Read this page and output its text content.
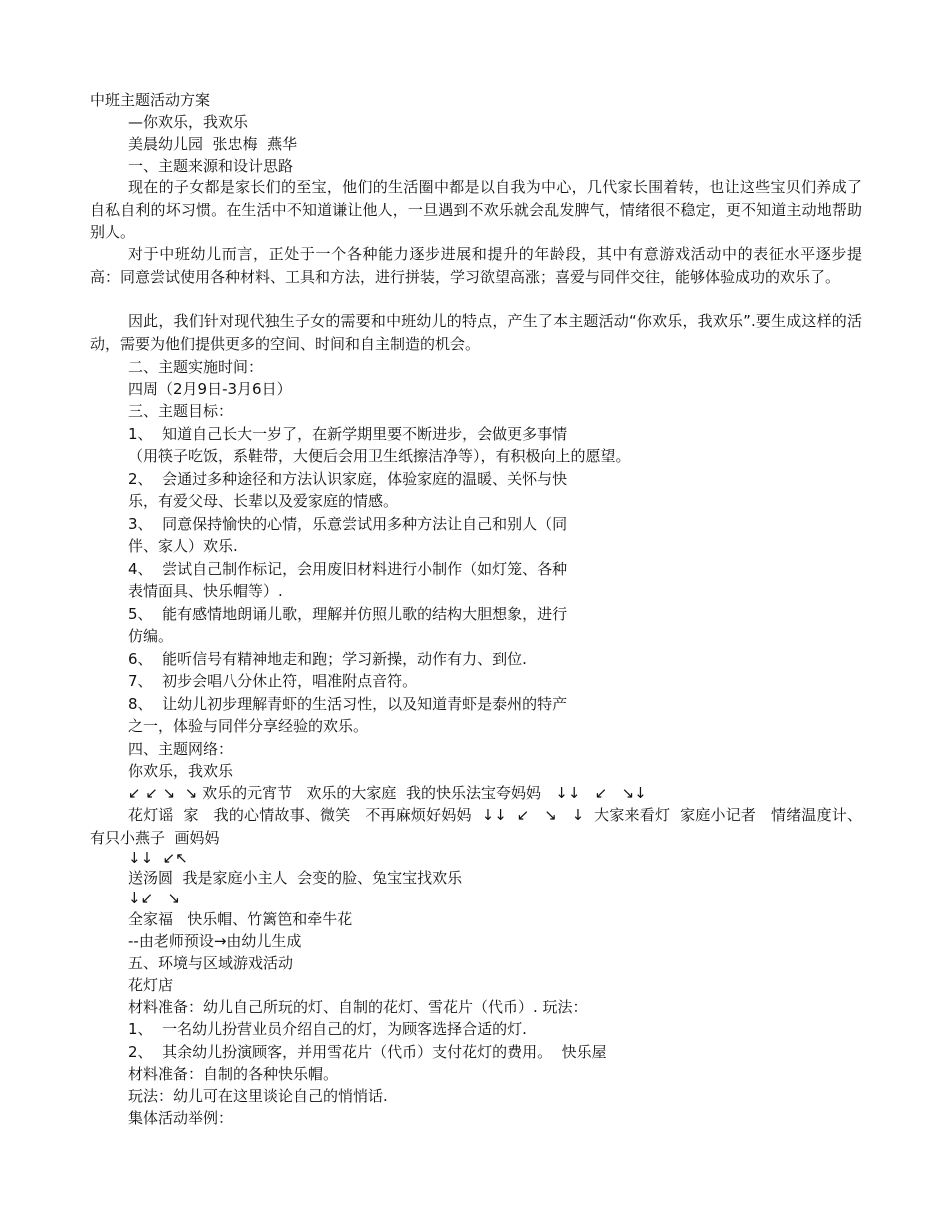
中班主题活动方案
—你欢乐，我欢乐
美晨幼儿园  张忠梅  燕华
一、主题来源和设计思路
现在的子女都是家长们的至宝，他们的生活圈中都是以自我为中心，几代家长围着转，也让这些宝贝们养成了自私自利的坏习惯。在生活中不知道谦让他人，一旦遇到不欢乐就会乱发脾气，情绪很不稳定，更不知道主动地帮助别人。
对于中班幼儿而言，正处于一个各种能力逐步进展和提升的年龄段，其中有意游戏活动中的表征水平逐步提高：同意尝试使用各种材料、工具和方法，进行拼装，学习欲望高涨；喜爱与同伴交往，能够体验成功的欢乐了。
因此，我们针对现代独生子女的需要和中班幼儿的特点，产生了本主题活动“你欢乐，我欢乐”.要生成这样的活动，需要为他们提供更多的空间、时间和自主制造的机会。
二、主题实施时间：
四周（2月9日-3月6日）
三、主题目标：
1、  知道自己长大一岁了，在新学期里要不断进步，会做更多事情
（用筷子吃饭，系鞋带，大便后会用卫生纸擦洁净等），有积极向上的愿望。
2、  会通过多种途径和方法认识家庭，体验家庭的温暖、关怀与快
乐，有爱父母、长辈以及爱家庭的情感。
3、  同意保持愉快的心情，乐意尝试用多种方法让自己和别人（同
伴、家人）欢乐.
4、  尝试自己制作标记，会用废旧材料进行小制作（如灯笼、各种
表情面具、快乐帽等）.
5、  能有感情地朗诵儿歌，理解并仿照儿歌的结构大胆想象，进行
仿编。
6、  能听信号有精神地走和跑；学习新操，动作有力、到位.
7、  初步会唱八分休止符，唱准附点音符。
8、  让幼儿初步理解青虾的生活习性，以及知道青虾是泰州的特产
之一，体验与同伴分享经验的欢乐。
四、主题网络：
你欢乐，我欢乐
↙ ↙ ↘  ↘ 欢乐的元宵节   欢乐的大家庭  我的快乐法宝夸妈妈   ↓↓   ↙   ↘↓
花灯谣  家   我的心情故事、微笑   不再麻烦好妈妈  ↓↓  ↙   ↘   ↓  大家来看灯  家庭小记者   情绪温度计、有只小燕子  画妈妈
↓↓  ↙↖
送汤圆  我是家庭小主人  会变的脸、兔宝宝找欢乐
↓↙   ↘
全家福   快乐帽、竹篱笆和牵牛花
--由老师预设→由幼儿生成
五、环境与区域游戏活动
花灯店
材料准备：幼儿自己所玩的灯、自制的花灯、雪花片（代币）. 玩法：
1、  一名幼儿扮营业员介绍自己的灯，为顾客选择合适的灯.
2、  其余幼儿扮演顾客，并用雪花片（代币）支付花灯的费用。  快乐屋
材料准备：自制的各种快乐帽。
玩法：幼儿可在这里谈论自己的悄悄话.
集体活动举例：
